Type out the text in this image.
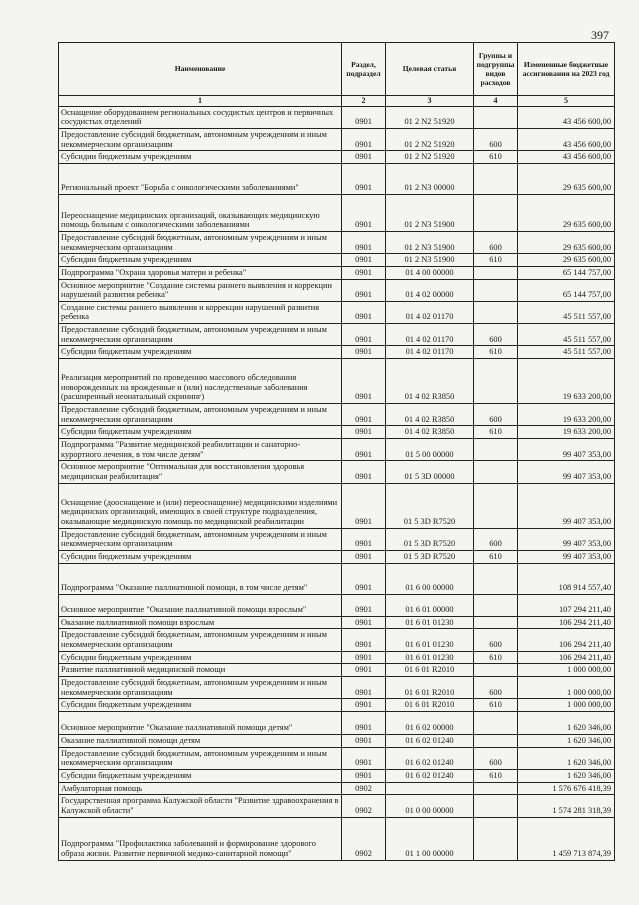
397
Наименование	Раздел, подраздел	Целевая статья	Группы и подгруппы видов расходов	Измененные бюджетные ассигнования на 2023 год
1	2	3	4	5
Оснащение оборудованием региональных сосудистых центров и первичных сосудистых отделений	0901	01 2 N2 51920		43 456 600,00
Предоставление субсидий бюджетным, автономным учреждениям и иным некоммерческим организациям	0901	01 2 N2 51920	600	43 456 600,00
Субсидии бюджетным учреждениям	0901	01 2 N2 51920	610	43 456 600,00
Региональный проект "Борьба с онкологическими заболеваниями"	0901	01 2 N3 00000		29 635 600,00
Переоснащение медицинских организаций, оказывающих медицинскую помощь больным с онкологическими заболеваниями	0901	01 2 N3 51900		29 635 600,00
Предоставление субсидий бюджетным, автономным учреждениям и иным некоммерческим организациям	0901	01 2 N3 51900	600	29 635 600,00
Субсидии бюджетным учреждениям	0901	01 2 N3 51900	610	29 635 600,00
Подпрограмма "Охрана здоровья матери и ребенка"	0901	01 4 00 00000		65 144 757,00
Основное мероприятие "Создание системы раннего выявления и коррекции нарушений развития ребенка"	0901	01 4 02 00000		65 144 757,00
Создание системы раннего выявления и коррекции нарушений развития ребенка	0901	01 4 02 01170		45 511 557,00
Предоставление субсидий бюджетным, автономным учреждениям и иным некоммерческим организациям	0901	01 4 02 01170	600	45 511 557,00
Субсидии бюджетным учреждениям	0901	01 4 02 01170	610	45 511 557,00
Реализация мероприятий по проведению массового обследования новорожденных на врожденные и (или) наследственные заболевания (расширенный неонатальный скрининг)	0901	01 4 02 R3850		19 633 200,00
Предоставление субсидий бюджетным, автономным учреждениям и иным некоммерческим организациям	0901	01 4 02 R3850	600	19 633 200,00
Субсидии бюджетным учреждениям	0901	01 4 02 R3850	610	19 633 200,00
Подпрограмма "Развитие медицинской реабилитации и санаторно-курортного лечения, в том числе детям"	0901	01 5 00 00000		99 407 353,00
Основное мероприятие "Оптимальная для восстановления здоровья медицинская реабилитация"	0901	01 5 3D 00000		99 407 353,00
Оснащение (дооснащение и (или) переоснащение) медицинскими изделиями медицинских организаций, имеющих в своей структуре подразделения, оказывающие медицинскую помощь по медицинской реабилитации	0901	01 5 3D R7520		99 407 353,00
Предоставление субсидий бюджетным, автономным учреждениям и иным некоммерческим организациям	0901	01 5 3D R7520	600	99 407 353,00
Субсидии бюджетным учреждениям	0901	01 5 3D R7520	610	99 407 353,00
Подпрограмма "Оказание паллиативной помощи, в том числе детям"	0901	01 6 00 00000		108 914 557,40
Основное мероприятие "Оказание паллиативной помощи взрослым"	0901	01 6 01 00000		107 294 211,40
Оказание паллиативной помощи взрослым	0901	01 6 01 01230		106 294 211,40
Предоставление субсидий бюджетным, автономным учреждениям и иным некоммерческим организациям	0901	01 6 01 01230	600	106 294 211,40
Субсидии бюджетным учреждениям	0901	01 6 01 01230	610	106 294 211,40
Развитие паллиативной медицинской помощи	0901	01 6 01 R2010		1 000 000,00
Предоставление субсидий бюджетным, автономным учреждениям и иным некоммерческим организациям	0901	01 6 01 R2010	600	1 000 000,00
Субсидии бюджетным учреждениям	0901	01 6 01 R2010	610	1 000 000,00
Основное мероприятие "Оказание паллиативной помощи детям"	0901	01 6 02 00000		1 620 346,00
Оказание паллиативной помощи детям	0901	01 6 02 01240		1 620 346,00
Предоставление субсидий бюджетным, автономным учреждениям и иным некоммерческим организациям	0901	01 6 02 01240	600	1 620 346,00
Субсидии бюджетным учреждениям	0901	01 6 02 01240	610	1 620 346,00
Амбулаторная помощь	0902			1 576 676 418,39
Государственная программа Калужской области "Развитие здравоохранения в Калужской области"	0902	01 0 00 00000		1 574 281 318,39
Подпрограмма "Профилактика заболеваний и формирование здорового образа жизни. Развитие первичной медико-санитарной помощи"	0902	01 1 00 00000		1 459 713 874,39
